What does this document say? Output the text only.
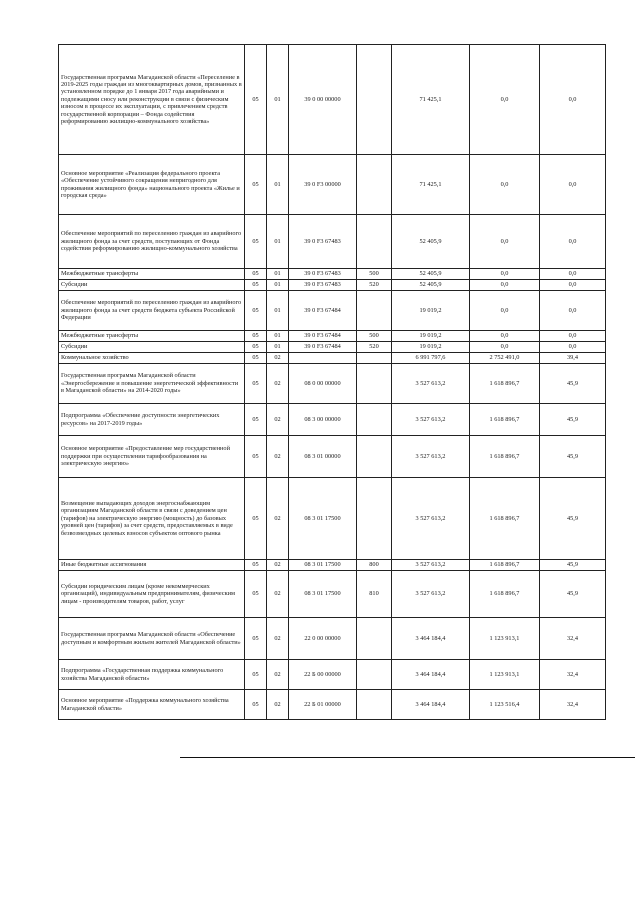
Государственная программа Магаданской области «Переселение в 2019-2025 годы граждан из многоквартирных домов, признанных в установленном порядке до 1 января 2017 года аварийными и подлежащими сносу или реконструкции в связи с физическим износом в процессе их эксплуатации, с привлечением средств государственной корпорации – Фонда содействия реформированию жилищно-коммунального хозяйства»	05	01	39 0 00 00000		71 425,1	0,0	0,0
Основное мероприятие «Реализация федерального проекта «Обеспечение устойчивого сокращения непригодного для проживания жилищного фонда» национального проекта «Жилье и городская среда»	05	01	39 0 F3 00000		71 425,1	0,0	0,0
Обеспечение мероприятий по переселению граждан из аварийного жилищного фонда за счет средств, поступающих от Фонда содействия реформированию жилищно-коммунального хозяйства	05	01	39 0 F3 67483		52 405,9	0,0	0,0
Межбюджетные трансферты	05	01	39 0 F3 67483	500	52 405,9	0,0	0,0
Субсидии	05	01	39 0 F3 67483	520	52 405,9	0,0	0,0
Обеспечение мероприятий по переселению граждан из аварийного жилищного фонда за счет средств бюджета субъекта Российской Федерации	05	01	39 0 F3 67484		19 019,2	0,0	0,0
Межбюджетные трансферты	05	01	39 0 F3 67484	500	19 019,2	0,0	0,0
Субсидии	05	01	39 0 F3 67484	520	19 019,2	0,0	0,0
Коммунальное хозяйство	05	02			6 991 797,6	2 752 491,0	39,4
Государственная программа Магаданской области «Энергосбережение и повышение энергетической эффективности в Магаданской области» на 2014-2020 годы»	05	02	08 0 00 00000		3 527 613,2	1 618 896,7	45,9
Подпрограмма «Обеспечение доступности энергетических ресурсов» на 2017-2019 годы»	05	02	08 3 00 00000		3 527 613,2	1 618 896,7	45,9
Основное мероприятие «Предоставление мер государственной поддержки при осуществлении тарифообразования на электрическую энергию»	05	02	08 3 01 00000		3 527 613,2	1 618 896,7	45,9
Возмещение выпадающих доходов энергоснабжающим организациям Магаданской области в связи с доведением цен (тарифов) на электрическую энергию (мощность) до базовых уровней цен (тарифов) за счет средств, предоставляемых в виде безвозмездных целевых взносов субъектом оптового рынка	05	02	08 3 01 17500		3 527 613,2	1 618 896,7	45,9
Иные бюджетные ассигнования	05	02	08 3 01 17500	800	3 527 613,2	1 618 896,7	45,9
Субсидии юридическим лицам (кроме некоммерческих организаций), индивидуальным предпринимателям, физическим лицам - производителям товаров, работ, услуг	05	02	08 3 01 17500	810	3 527 613,2	1 618 896,7	45,9
Государственная программа Магаданской области «Обеспечение доступным и комфортным жильем жителей Магаданской области»	05	02	22 0 00 00000		3 464 184,4	1 123 913,1	32,4
Подпрограмма «Государственная поддержка коммунального хозяйства Магаданской области»	05	02	22 Б 00 00000		3 464 184,4	1 123 913,1	32,4
Основное мероприятие «Поддержка коммунального хозяйства Магаданской области»	05	02	22 Б 01 00000		3 464 184,4	1 123 516,4	32,4
